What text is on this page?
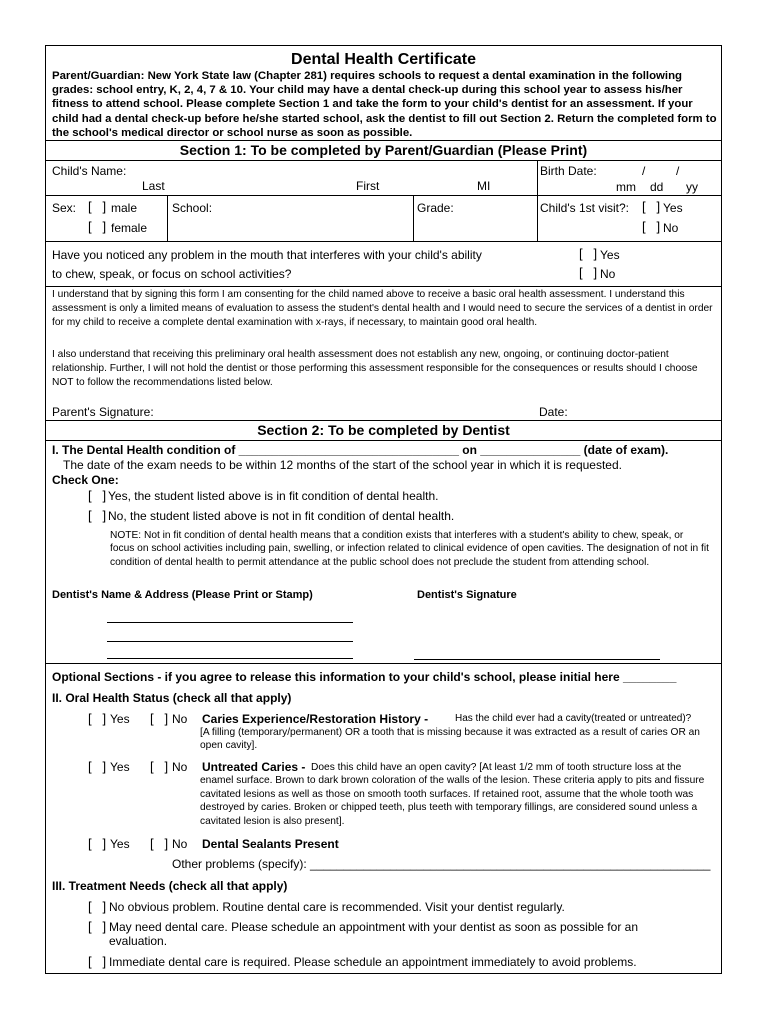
Dental Health Certificate
Parent/Guardian: New York State law (Chapter 281) requires schools to request a dental examination in the following grades: school entry, K, 2, 4, 7 & 10. Your child may have a dental check-up during this school year to assess his/her fitness to attend school. Please complete Section 1 and take the form to your child's dentist for an assessment. If your child had a dental check-up before he/she started school, ask the dentist to fill out Section 2. Return the completed form to the school's medical director or school nurse as soon as possible.
Section 1: To be completed by Parent/Guardian (Please Print)
Child's Name:
Last	First	MI
Birth Date:	/	/
mm dd yy
Sex: [   ] male
[   ] female
School:	Grade:	Child's 1st visit?: [   ] Yes
[   ] No
Have you noticed any problem in the mouth that interferes with your child's ability
to chew, speak, or focus on school activities?
[   ] Yes
[   ] No
I understand that by signing this form I am consenting for the child named above to receive a basic oral health assessment. I understand this assessment is only a limited means of evaluation to assess the student's dental health and I would need to secure the services of a dentist in order for my child to receive a complete dental examination with x-rays, if necessary, to maintain good oral health.
I also understand that receiving this preliminary oral health assessment does not establish any new, ongoing, or continuing doctor-patient relationship. Further, I will not hold the dentist or those performing this assessment responsible for the consequences or results should I choose NOT to follow the recommendations listed below.
Parent's Signature:	Date:
Section 2: To be completed by Dentist
I. The Dental Health condition of _________________________________ on _______________ (date of exam).
The date of the exam needs to be within 12 months of the start of the school year in which it is requested.
Check One:
[   ] Yes, the student listed above is in fit condition of dental health.
[   ] No, the student listed above is not in fit condition of dental health.
NOTE: Not in fit condition of dental health means that a condition exists that interferes with a student's ability to chew, speak, or focus on school activities including pain, swelling, or infection related to clinical evidence of open cavities. The designation of not in fit condition of dental health to permit attendance at the public school does not preclude the student from attending school.
Dentist's Name & Address (Please Print or Stamp)	Dentist's Signature
Optional Sections - if you agree to release this information to your child's school, please initial here ________
II. Oral Health Status (check all that apply)
[   ] Yes [   ] No Caries Experience/Restoration History -	Has the child ever had a cavity(treated or untreated)?
[A filling (temporary/permanent) OR a tooth that is missing because it was extracted as a result of caries OR an open cavity].
[   ] Yes [   ] No Untreated Caries - Does this child have an open cavity? [At least 1/2 mm of tooth structure loss at the enamel surface. Brown to dark brown coloration of the walls of the lesion. These criteria apply to pits and fissure cavitated lesions as well as those on smooth tooth surfaces. If retained root, assume that the whole tooth was destroyed by caries. Broken or chipped teeth, plus teeth with temporary fillings, are considered sound unless a cavitated lesion is also present].
[   ] Yes [   ] No Dental Sealants Present
Other problems (specify): ____________________________________________________________
III. Treatment Needs (check all that apply)
[   ] No obvious problem. Routine dental care is recommended. Visit your dentist regularly.
[   ] May need dental care. Please schedule an appointment with your dentist as soon as possible for an evaluation.
[   ] Immediate dental care is required. Please schedule an appointment immediately to avoid problems.
